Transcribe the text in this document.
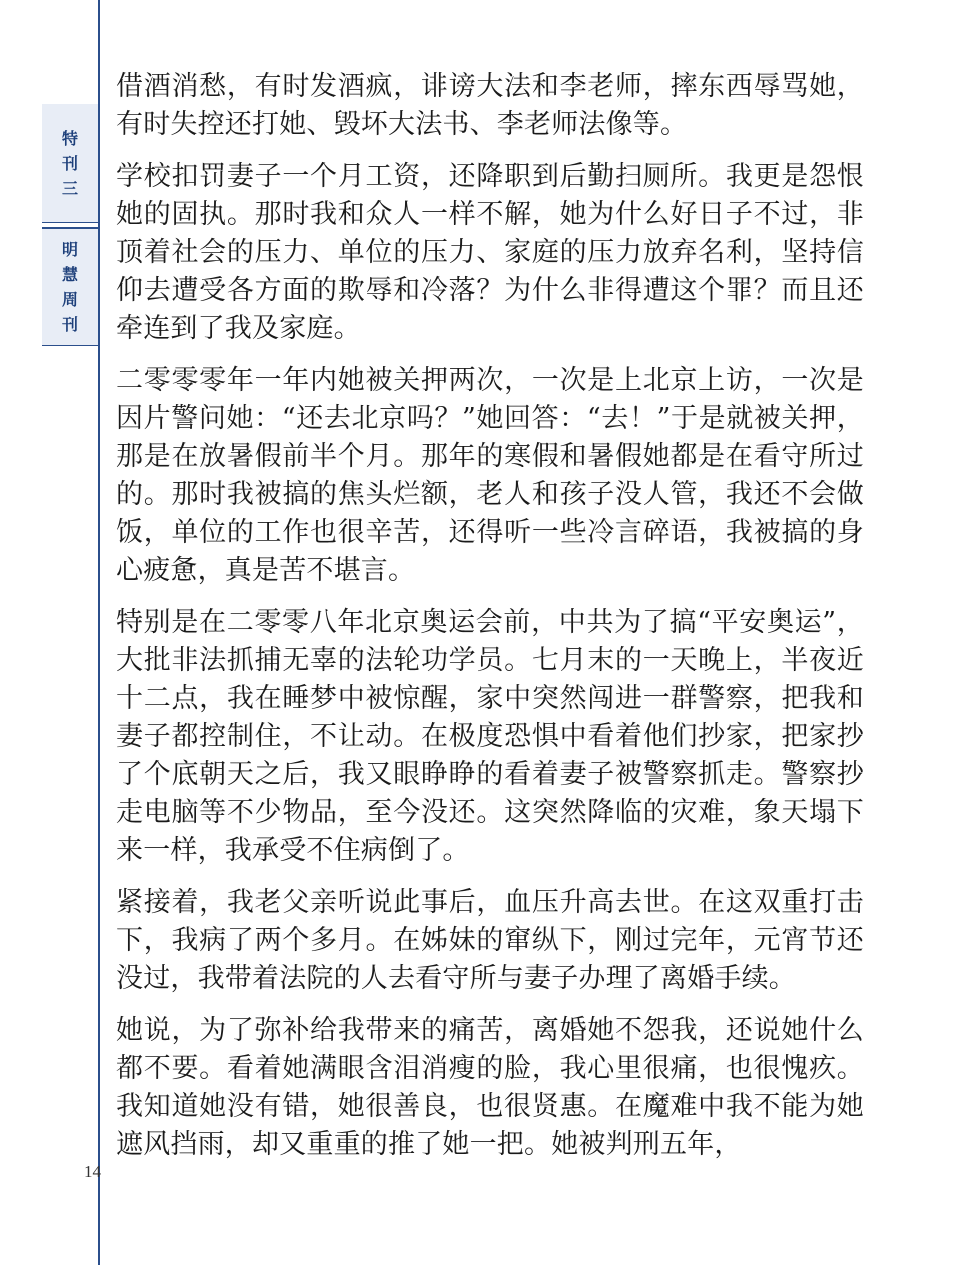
特
刊
三
明
慧
周
刊
14

借酒消愁，有时发酒疯，诽谤大法和李老师，摔东西辱骂她，有时失控还打她、毁坏大法书、李老师法像等。

学校扣罚妻子一个月工资，还降职到后勤扫厕所。我更是怨恨她的固执。那时我和众人一样不解，她为什么好日子不过，非顶着社会的压力、单位的压力、家庭的压力放弃名利，坚持信仰去遭受各方面的欺辱和冷落？为什么非得遭这个罪？而且还牵连到了我及家庭。

二零零零年一年内她被关押两次，一次是上北京上访，一次是因片警问她：“还去北京吗？”她回答：“去！”于是就被关押，那是在放暑假前半个月。那年的寒假和暑假她都是在看守所过的。那时我被搞的焦头烂额，老人和孩子没人管，我还不会做饭，单位的工作也很辛苦，还得听一些冷言碎语，我被搞的身心疲惫，真是苦不堪言。

特别是在二零零八年北京奥运会前，中共为了搞“平安奥运”，大批非法抓捕无辜的法轮功学员。七月末的一天晚上，半夜近十二点，我在睡梦中被惊醒，家中突然闯进一群警察，把我和妻子都控制住，不让动。在极度恐惧中看着他们抄家，把家抄了个底朝天之后，我又眼睁睁的看着妻子被警察抓走。警察抄走电脑等不少物品，至今没还。这突然降临的灾难，象天塌下来一样，我承受不住病倒了。

紧接着，我老父亲听说此事后，血压升高去世。在这双重打击下，我病了两个多月。在姊妹的窜纵下，刚过完年，元宵节还没过，我带着法院的人去看守所与妻子办理了离婚手续。

她说，为了弥补给我带来的痛苦，离婚她不怨我，还说她什么都不要。看着她满眼含泪消瘦的脸，我心里很痛，也很愧疚。我知道她没有错，她很善良，也很贤惠。在魔难中我不能为她遮风挡雨，却又重重的推了她一把。她被判刑五年，
